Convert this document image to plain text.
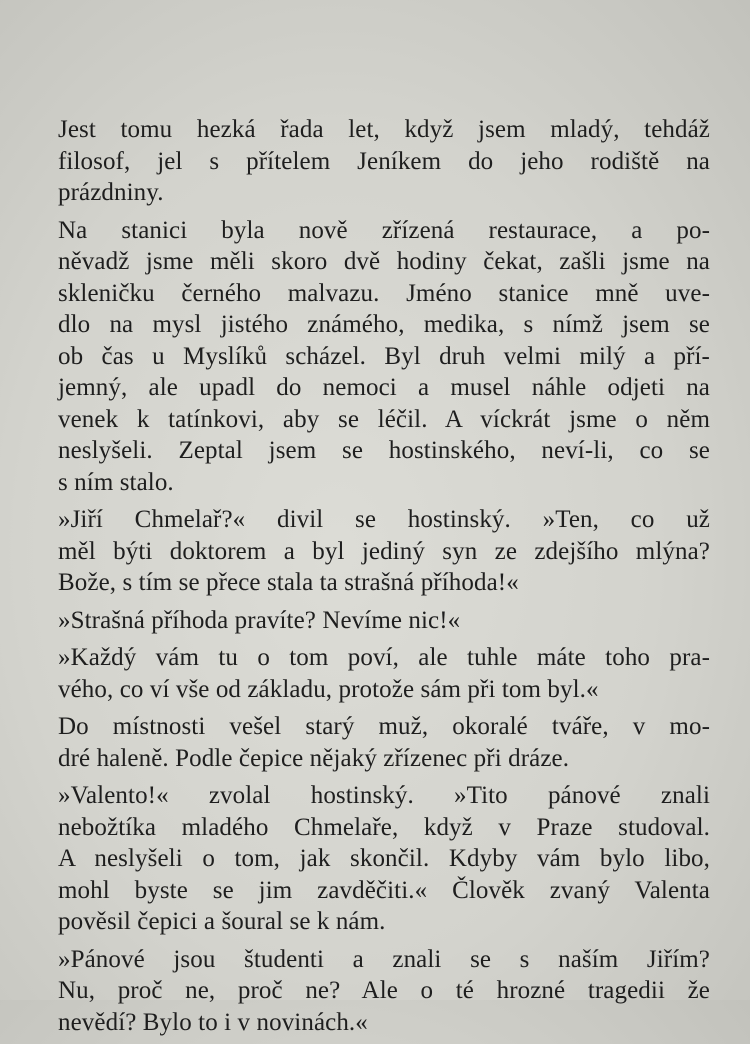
Jest tomu hezká řada let, když jsem mladý, tehdáž
filosof, jel s přítelem Jeníkem do jeho rodiště na
prázdniny.

Na stanici byla nově zřízená restaurace, a po-
něvadž jsme měli skoro dvě hodiny čekat, zašli jsme na
skleničku černého malvazu. Jméno stanice mně uve-
dlo na mysl jistého známého, medika, s nímž jsem se
ob čas u Myslíků scházel. Byl druh velmi milý a pří-
jemný, ale upadl do nemoci a musel náhle odjeti na
venek k tatínkovi, aby se léčil. A víckrát jsme o něm
neslyšeli. Zeptal jsem se hostinského, neví-li, co se
s ním stalo.

»Jiří Chmelař?« divil se hostinský. »Ten, co už
měl býti doktorem a byl jediný syn ze zdejšího mlýna?
Bože, s tím se přece stala ta strašná příhoda!«

»Strašná příhoda pravíte? Nevíme nic!«

»Každý vám tu o tom poví, ale tuhle máte toho pra-
vého, co ví vše od základu, protože sám při tom byl.«

Do místnosti vešel starý muž, okoralé tváře, v mo-
dré haleně. Podle čepice nějaký zřízenec při dráze.

»Valento!« zvolal hostinský. »Tito pánové znali
nebožtíka mladého Chmelaře, když v Praze studoval.
A neslyšeli o tom, jak skončil. Kdyby vám bylo libo,
mohl byste se jim zavděčiti.« Člověk zvaný Valenta
pověsil čepici a šoural se k nám.

»Pánové jsou študenti a znali se s naším Jiřím?
Nu, proč ne, proč ne? Ale o té hrozné tragedii že
nevědí? Bylo to i v novinách.«
